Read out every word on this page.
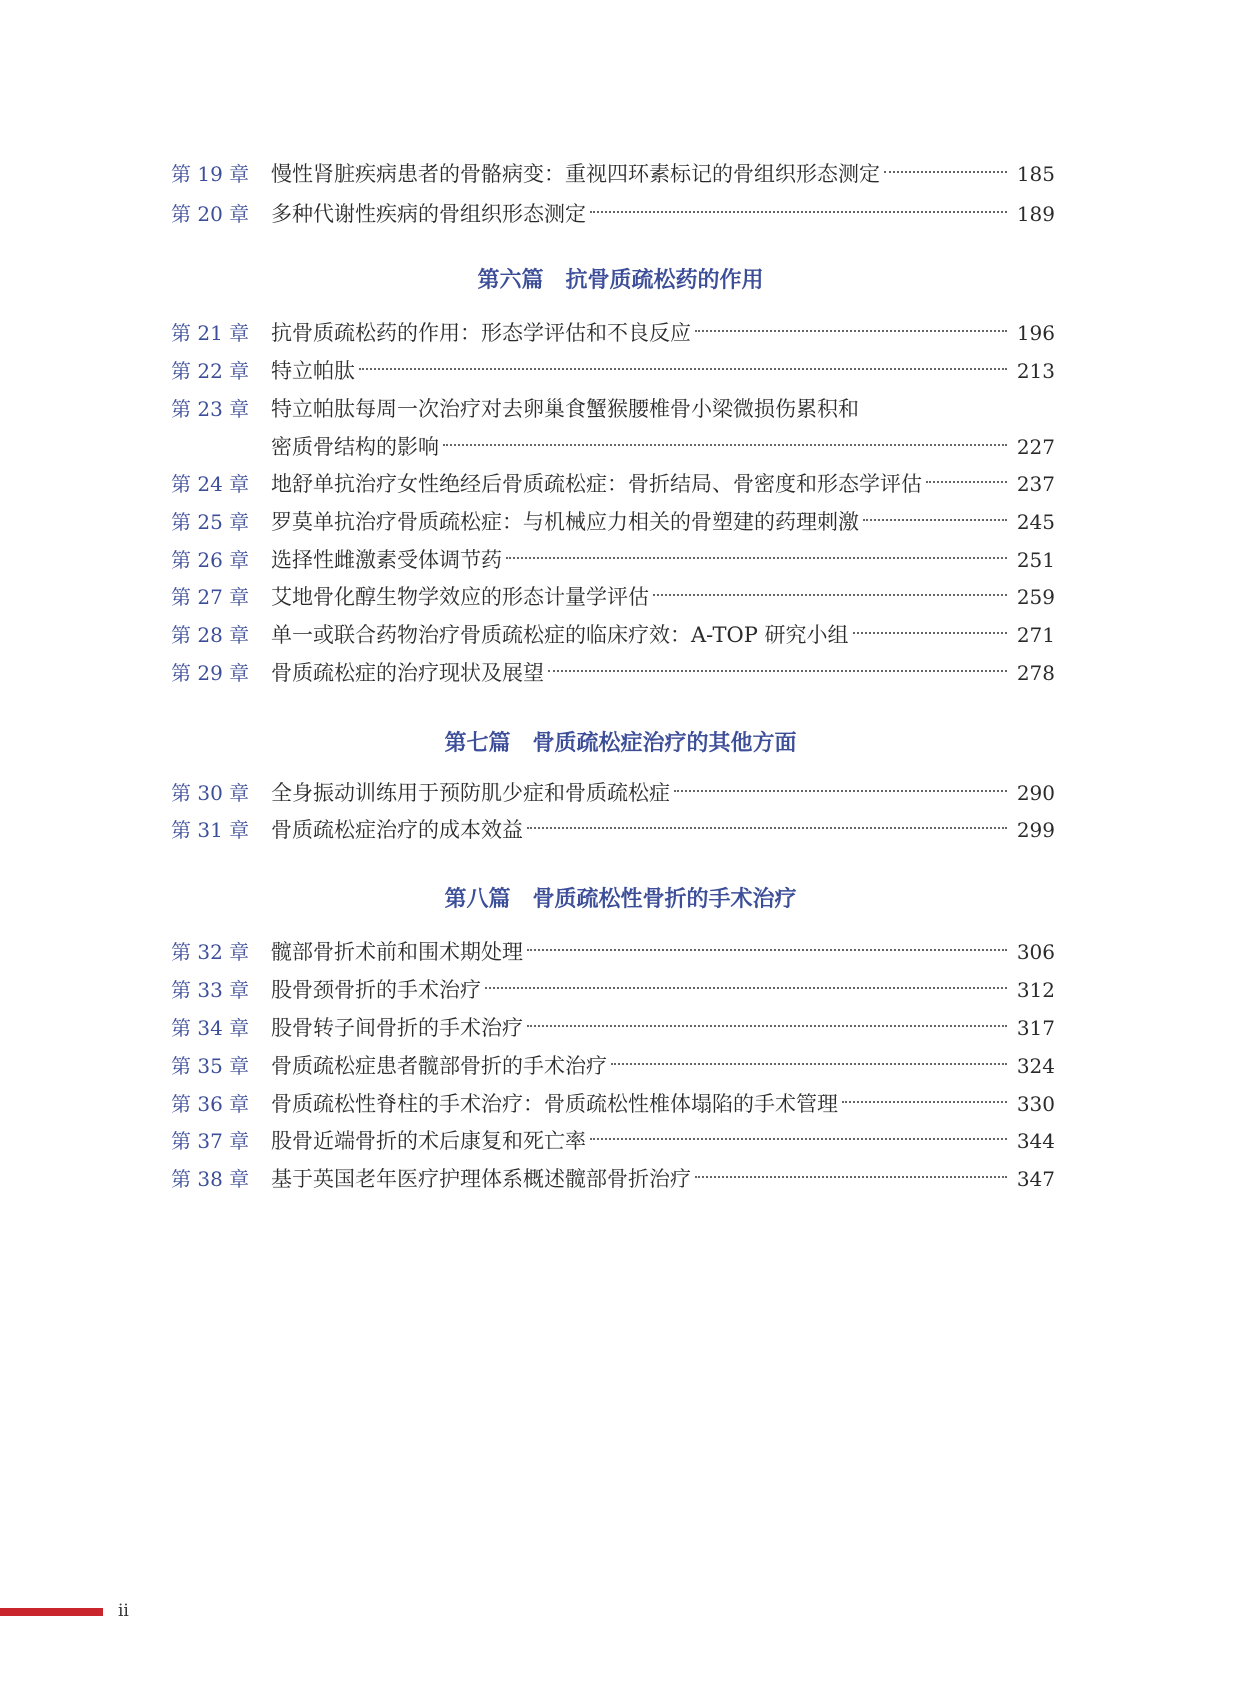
第 19 章	慢性肾脏疾病患者的骨骼病变：重视四环素标记的骨组织形态测定	185
第 20 章	多种代谢性疾病的骨组织形态测定	189
第六篇　抗骨质疏松药的作用
第 21 章	抗骨质疏松药的作用：形态学评估和不良反应	196
第 22 章	特立帕肽	213
第 23 章	特立帕肽每周一次治疗对去卵巢食蟹猴腰椎骨小梁微损伤累积和
密质骨结构的影响	227
第 24 章	地舒单抗治疗女性绝经后骨质疏松症：骨折结局、骨密度和形态学评估	237
第 25 章	罗莫单抗治疗骨质疏松症：与机械应力相关的骨塑建的药理刺激	245
第 26 章	选择性雌激素受体调节药	251
第 27 章	艾地骨化醇生物学效应的形态计量学评估	259
第 28 章	单一或联合药物治疗骨质疏松症的临床疗效：A-TOP 研究小组	271
第 29 章	骨质疏松症的治疗现状及展望	278
第七篇　骨质疏松症治疗的其他方面
第 30 章	全身振动训练用于预防肌少症和骨质疏松症	290
第 31 章	骨质疏松症治疗的成本效益	299
第八篇　骨质疏松性骨折的手术治疗
第 32 章	髋部骨折术前和围术期处理	306
第 33 章	股骨颈骨折的手术治疗	312
第 34 章	股骨转子间骨折的手术治疗	317
第 35 章	骨质疏松症患者髋部骨折的手术治疗	324
第 36 章	骨质疏松性脊柱的手术治疗：骨质疏松性椎体塌陷的手术管理	330
第 37 章	股骨近端骨折的术后康复和死亡率	344
第 38 章	基于英国老年医疗护理体系概述髋部骨折治疗	347
ii
